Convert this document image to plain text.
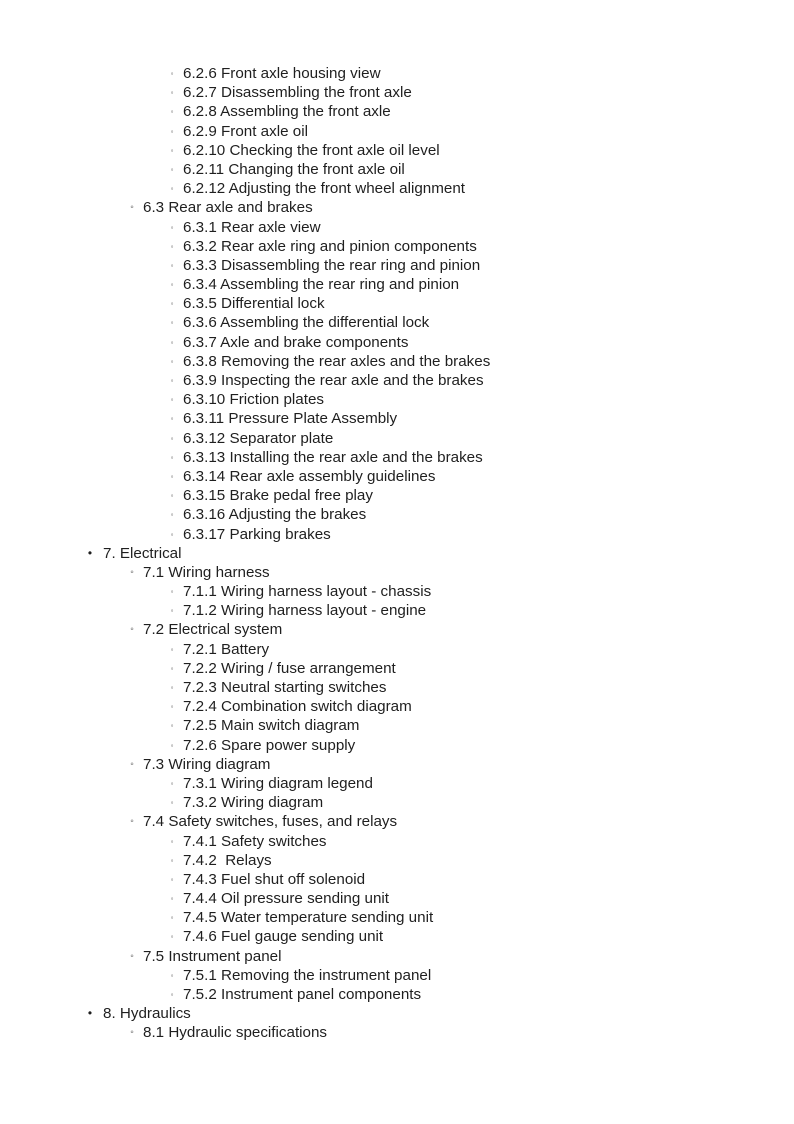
◦ 6.2.6 Front axle housing view
◦ 6.2.7 Disassembling the front axle
◦ 6.2.8 Assembling the front axle
◦ 6.2.9 Front axle oil
◦ 6.2.10 Checking the front axle oil level
◦ 6.2.11 Changing the front axle oil
◦ 6.2.12 Adjusting the front wheel alignment
◦ 6.3 Rear axle and brakes
◦ 6.3.1 Rear axle view
◦ 6.3.2 Rear axle ring and pinion components
◦ 6.3.3 Disassembling the rear ring and pinion
◦ 6.3.4 Assembling the rear ring and pinion
◦ 6.3.5 Differential lock
◦ 6.3.6 Assembling the differential lock
◦ 6.3.7 Axle and brake components
◦ 6.3.8 Removing the rear axles and the brakes
◦ 6.3.9 Inspecting the rear axle and the brakes
◦ 6.3.10 Friction plates
◦ 6.3.11 Pressure Plate Assembly
◦ 6.3.12 Separator plate
◦ 6.3.13 Installing the rear axle and the brakes
◦ 6.3.14 Rear axle assembly guidelines
◦ 6.3.15 Brake pedal free play
◦ 6.3.16 Adjusting the brakes
◦ 6.3.17 Parking brakes
• 7. Electrical
◦ 7.1 Wiring harness
◦ 7.1.1 Wiring harness layout - chassis
◦ 7.1.2 Wiring harness layout - engine
◦ 7.2 Electrical system
◦ 7.2.1 Battery
◦ 7.2.2 Wiring / fuse arrangement
◦ 7.2.3 Neutral starting switches
◦ 7.2.4 Combination switch diagram
◦ 7.2.5 Main switch diagram
◦ 7.2.6 Spare power supply
◦ 7.3 Wiring diagram
◦ 7.3.1 Wiring diagram legend
◦ 7.3.2 Wiring diagram
◦ 7.4 Safety switches, fuses, and relays
◦ 7.4.1 Safety switches
◦ 7.4.2  Relays
◦ 7.4.3 Fuel shut off solenoid
◦ 7.4.4 Oil pressure sending unit
◦ 7.4.5 Water temperature sending unit
◦ 7.4.6 Fuel gauge sending unit
◦ 7.5 Instrument panel
◦ 7.5.1 Removing the instrument panel
◦ 7.5.2 Instrument panel components
• 8. Hydraulics
◦ 8.1 Hydraulic specifications
